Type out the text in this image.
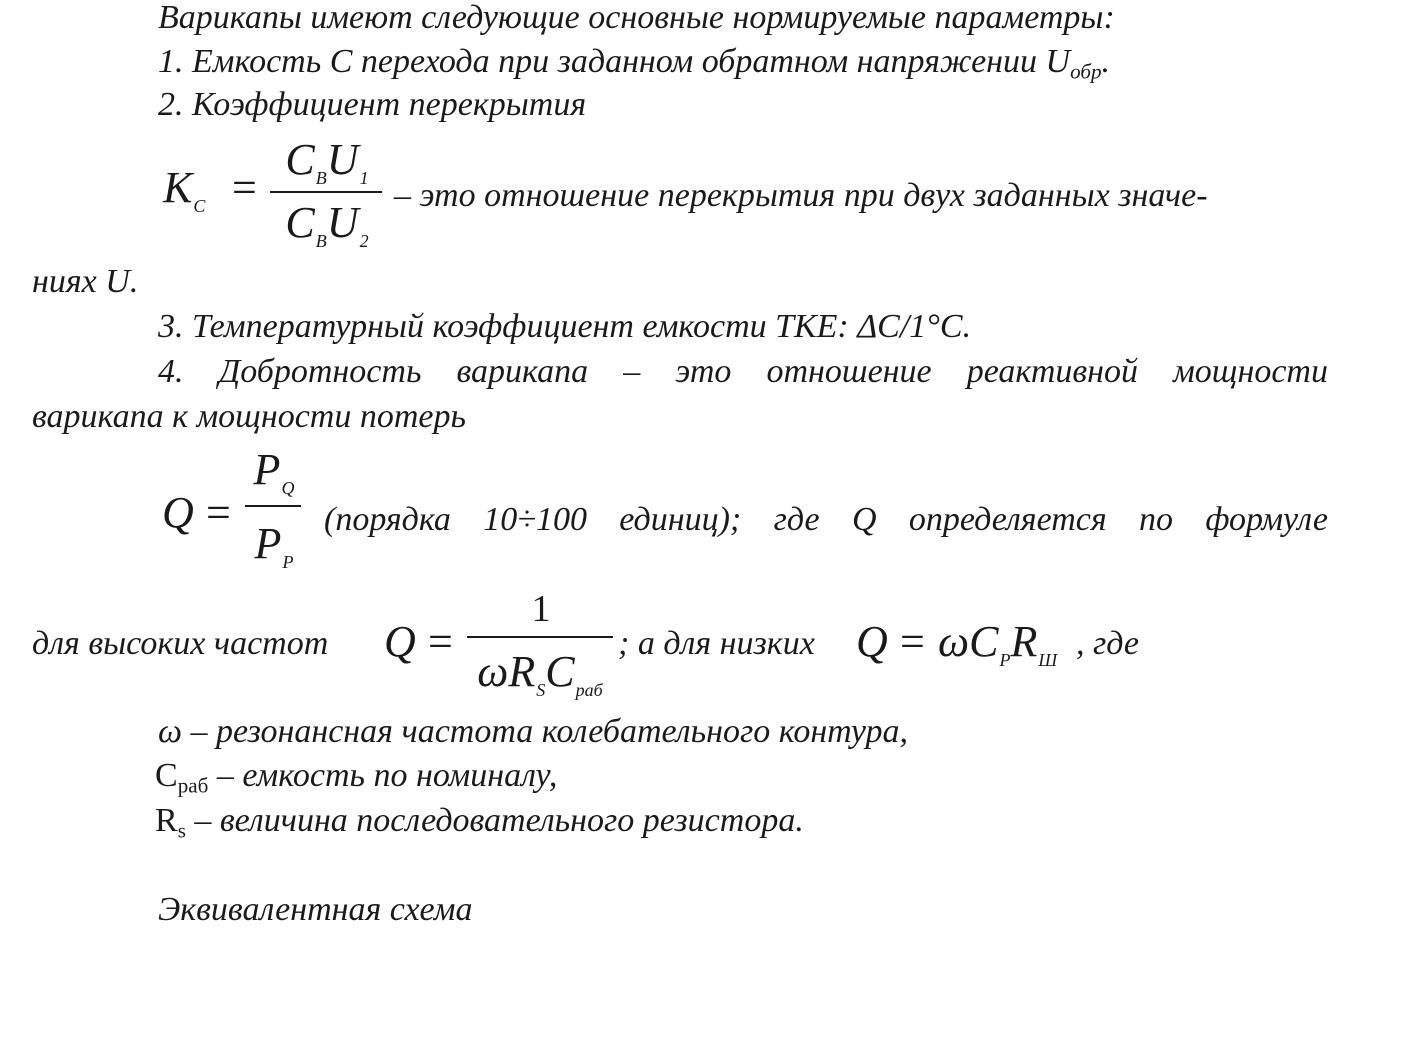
Варикапы имеют следующие основные нормируемые параметры:
1. Емкость С перехода при заданном обратном напряжении $U_{обр}$.
2. Коэффициент перекрытия
$K_C$ =
$C_BU_1$
$C_BU_2$
– это отношение перекрытия при двух заданных значе-
ниях U.
3. Температурный коэффициент емкости ТКЕ: ΔС/1°С.
4. Добротность варикапа – это отношение реактивной мощности
варикапа к мощности потерь
Q =
$P_Q$
$P_P$
(порядка 10÷100 единиц); где Q определяется по формуле
для высоких частот Q =
1
$\omega R_SC_{раб}$
; а для низких $Q = \omega C_PR_Ш$ , где
ω – резонансная частота колебательного контура,
$С_{раб}$ – емкость по номиналу,
$R_s$ – величина последовательного резистора.
Эквивалентная схема
